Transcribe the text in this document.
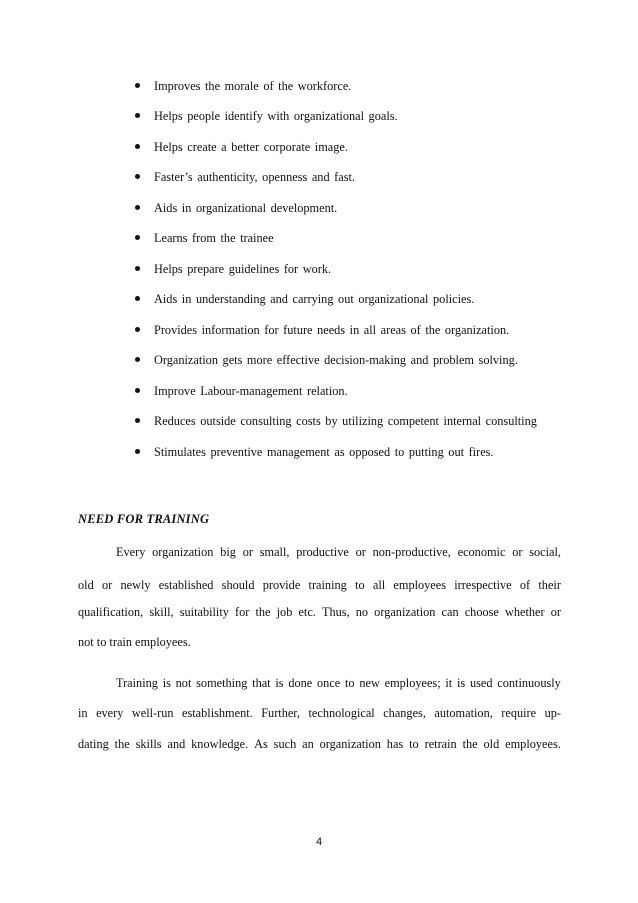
Improves the morale of the workforce.
Helps people identify with organizational goals.
Helps create a better corporate image.
Faster’s authenticity, openness and fast.
Aids in organizational development.
Learns from the trainee
Helps prepare guidelines for work.
Aids in understanding and carrying out organizational policies.
Provides information for future needs in all areas of the organization.
Organization gets more effective decision-making and problem solving.
Improve Labour-management relation.
Reduces outside consulting costs by utilizing competent internal consulting
Stimulates preventive management as opposed to putting out fires.
NEED FOR TRAINING
Every organization big or small, productive or non-productive, economic or social,
old or newly established should provide training to all employees irrespective of their
qualification, skill, suitability for the job etc. Thus, no organization can choose whether or
not to train employees.
Training is not something that is done once to new employees; it is used continuously
in every well-run establishment. Further, technological changes, automation, require up-
dating the skills and knowledge. As such an organization has to retrain the old employees.
4
